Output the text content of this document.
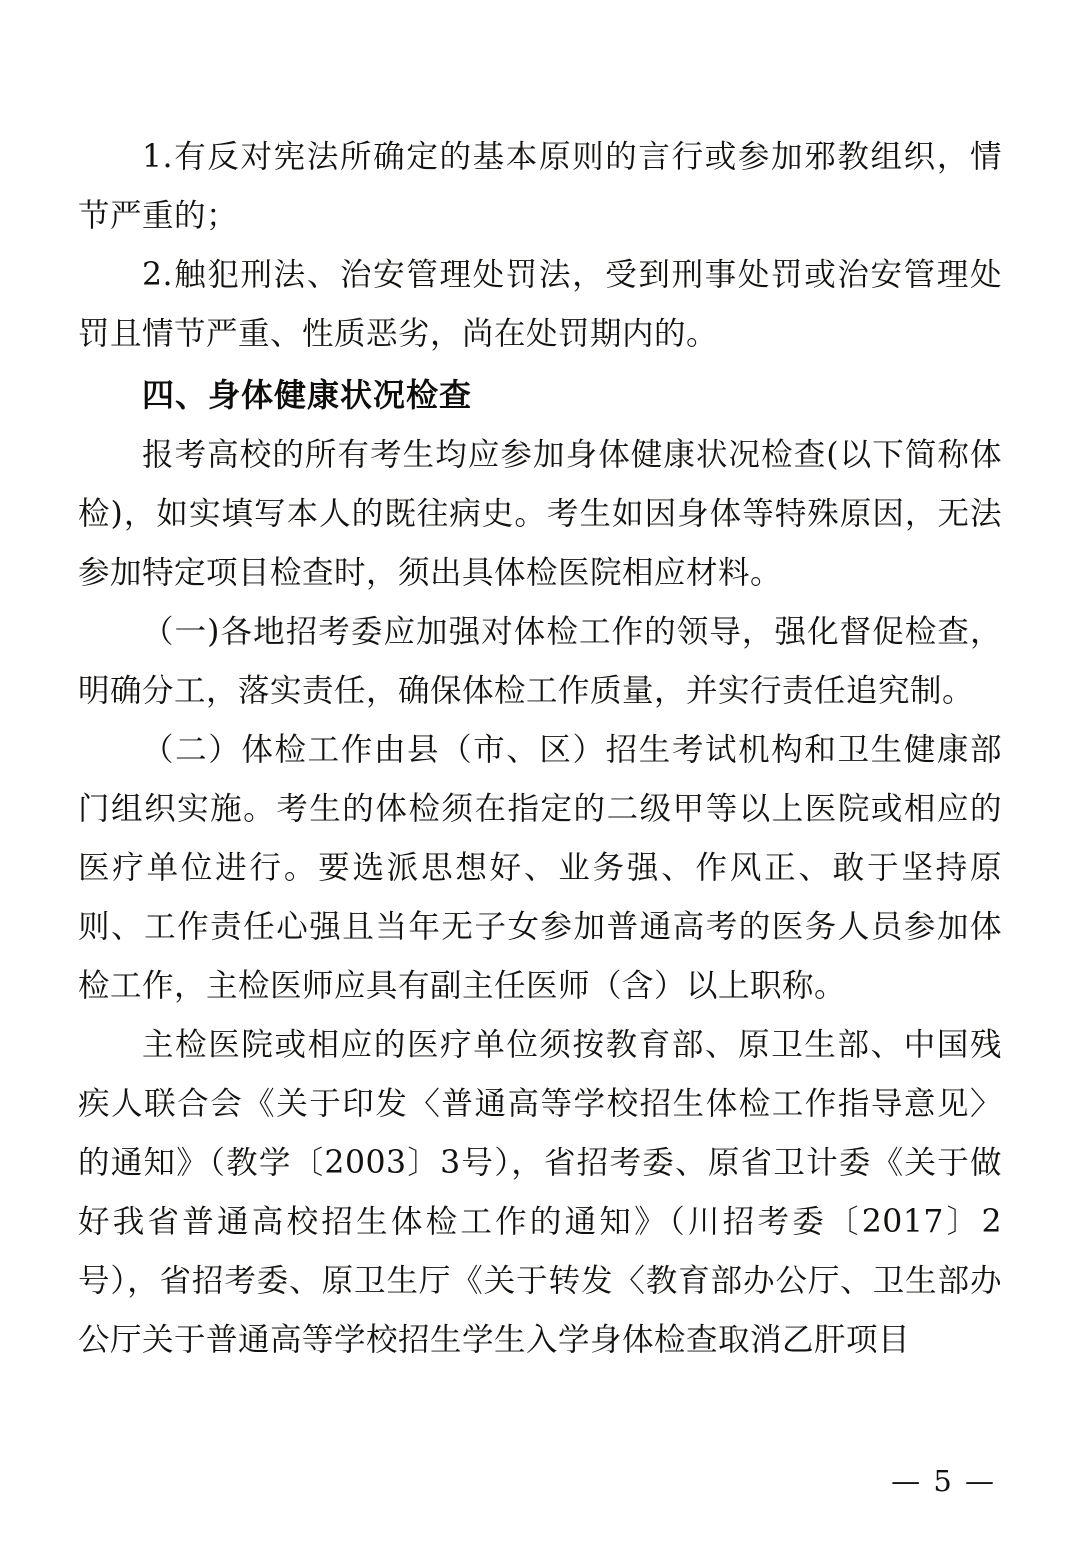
1.有反对宪法所确定的基本原则的言行或参加邪教组织，情节严重的；

2.触犯刑法、治安管理处罚法，受到刑事处罚或治安管理处罚且情节严重、性质恶劣，尚在处罚期内的。

四、身体健康状况检查

报考高校的所有考生均应参加身体健康状况检查(以下简称体检)，如实填写本人的既往病史。考生如因身体等特殊原因，无法参加特定项目检查时，须出具体检医院相应材料。

（一)各地招考委应加强对体检工作的领导，强化督促检查，明确分工，落实责任，确保体检工作质量，并实行责任追究制。

（二）体检工作由县（市、区）招生考试机构和卫生健康部门组织实施。考生的体检须在指定的二级甲等以上医院或相应的医疗单位进行。要选派思想好、业务强、作风正、敢于坚持原则、工作责任心强且当年无子女参加普通高考的医务人员参加体检工作，主检医师应具有副主任医师（含）以上职称。

主检医院或相应的医疗单位须按教育部、原卫生部、中国残疾人联合会《关于印发〈普通高等学校招生体检工作指导意见〉的通知》（教学〔2003〕3号），省招考委、原省卫计委《关于做好我省普通高校招生体检工作的通知》（川招考委〔2017〕2号），省招考委、原卫生厅《关于转发〈教育部办公厅、卫生部办公厅关于普通高等学校招生学生入学身体检查取消乙肝项目

— 5 —
